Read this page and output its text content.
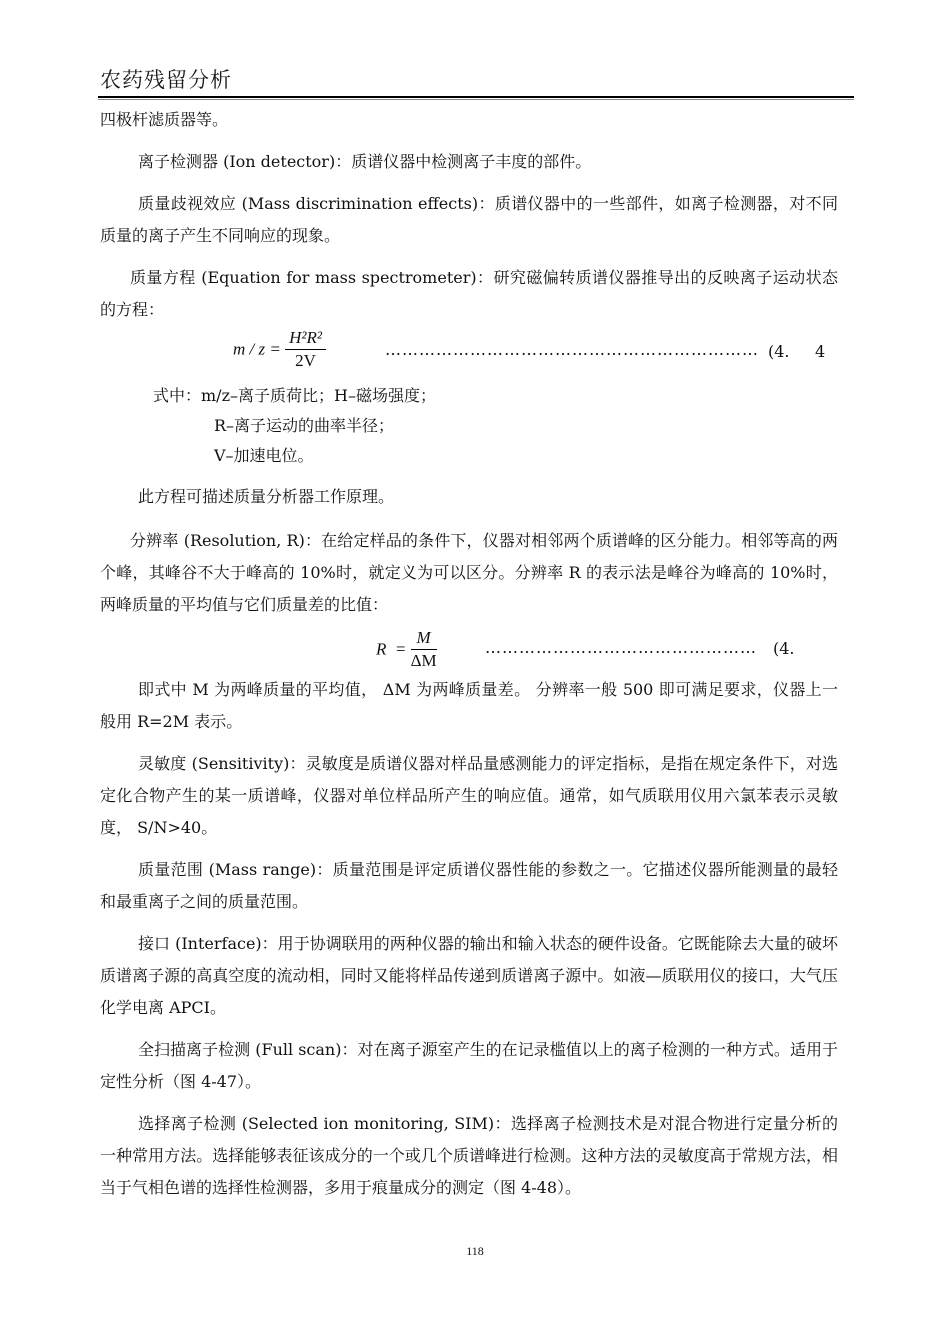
农药残留分析

四极杆滤质器等。

离子检测器 (Ion detector)：质谱仪器中检测离子丰度的部件。

质量歧视效应 (Mass discrimination effects)：质谱仪器中的一些部件，如离子检测器，对不同质量的离子产生不同响应的现象。

质量方程 (Equation for mass spectrometer)：研究磁偏转质谱仪器推导出的反映离子运动状态的方程：

$m / z = \frac{\text{H²R²}}{2V}$	………………………………………………………… (4. 4
式中：m/z–离子质荷比；H–磁场强度；
R–离子运动的曲率半径；
V–加速电位。

此方程可描述质量分析器工作原理。

分辨率 (Resolution, R)：在给定样品的条件下，仪器对相邻两个质谱峰的区分能力。相邻等高的两个峰，其峰谷不大于峰高的 10%时，就定义为可以区分。分辨率 R 的表示法是峰谷为峰高的 10%时，两峰质量的平均值与它们质量差的比值：

$R = \frac{M}{\Delta M}$	………………………………………… (4.

即式中 M 为两峰质量的平均值， ΔM 为两峰质量差。 分辨率一般 500 即可满足要求，仪器上一般用 R=2M 表示。

灵敏度 (Sensitivity)：灵敏度是质谱仪器对样品量感测能力的评定指标，是指在规定条件下，对选定化合物产生的某一质谱峰，仪器对单位样品所产生的响应值。通常，如气质联用仪用六氯苯表示灵敏度， S/N>40。

质量范围 (Mass range)：质量范围是评定质谱仪器性能的参数之一。它描述仪器所能测量的最轻和最重离子之间的质量范围。

接口 (Interface)：用于协调联用的两种仪器的输出和输入状态的硬件设备。它既能除去大量的破坏质谱离子源的高真空度的流动相，同时又能将样品传递到质谱离子源中。如液—质联用仪的接口，大气压化学电离 APCI。

全扫描离子检测 (Full scan)：对在离子源室产生的在记录槛值以上的离子检测的一种方式。适用于定性分析（图 4-47）。

选择离子检测 (Selected ion monitoring, SIM)：选择离子检测技术是对混合物进行定量分析的一种常用方法。选择能够表征该成分的一个或几个质谱峰进行检测。这种方法的灵敏度高于常规方法，相当于气相色谱的选择性检测器，多用于痕量成分的测定（图 4-48）。

118
